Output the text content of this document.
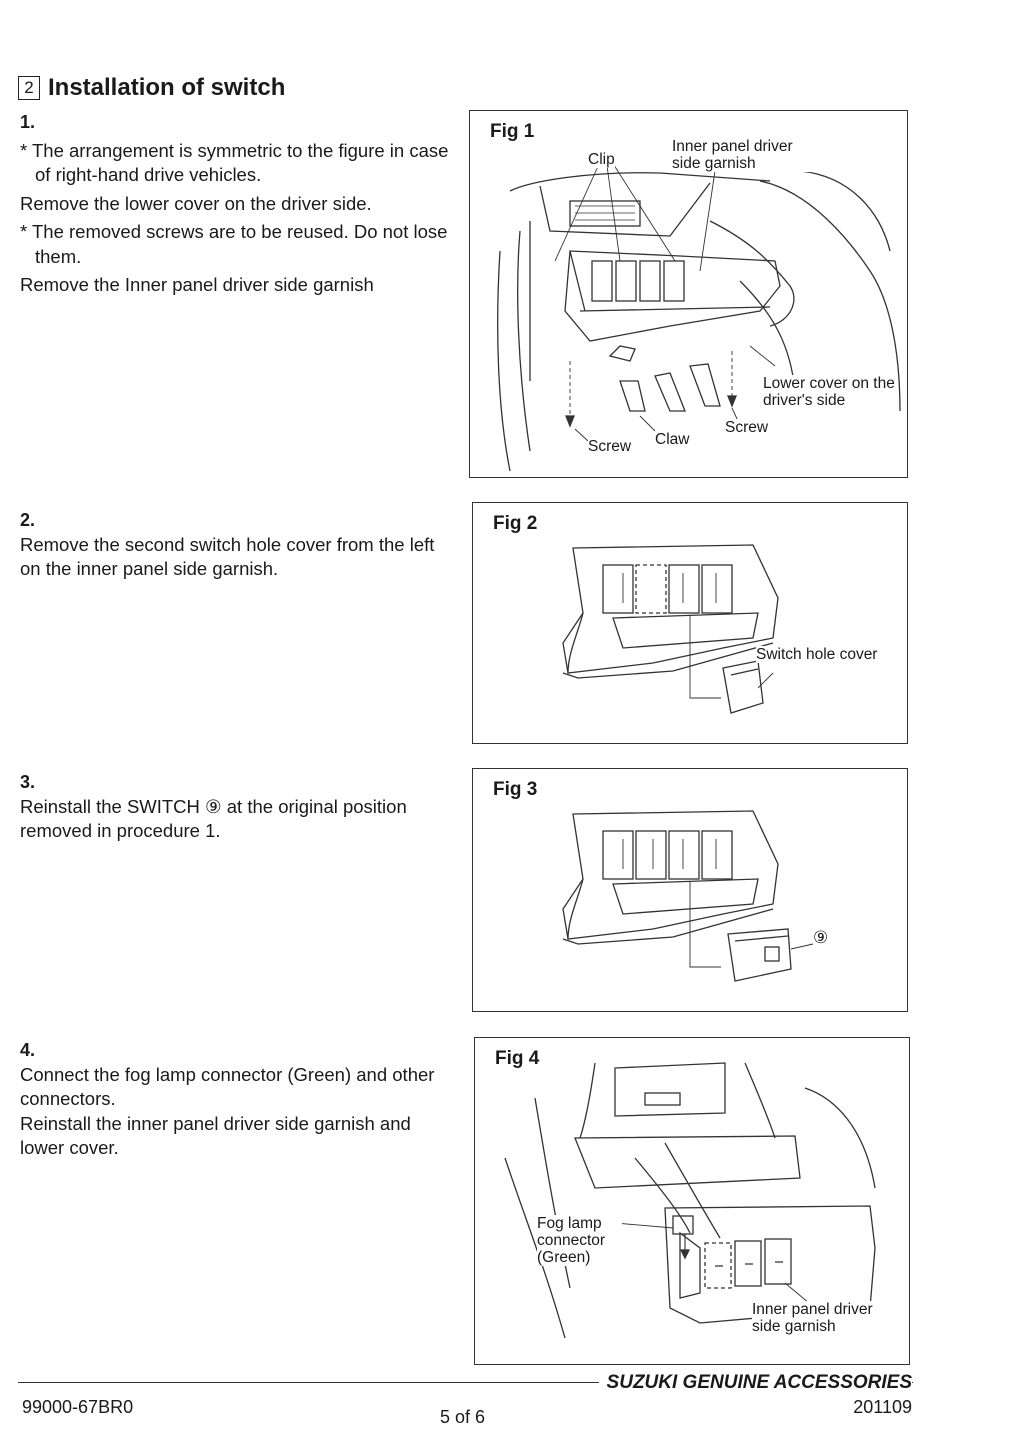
2 Installation of switch

1.

* The arrangement is symmetric to the figure in case of right-hand drive vehicles.

Remove the lower cover on the driver side.

* The removed screws are to be reused. Do not lose them.

Remove the Inner panel driver side garnish

2.

Remove the second switch hole cover from the left on the inner panel side garnish.

3.

Reinstall the SWITCH ⑨ at the original position removed in procedure 1.

4.

Connect the fog lamp connector (Green) and other connectors.

Reinstall the inner panel driver side garnish and lower cover.

Fig 1
Clip
Inner panel driver side garnish
Lower cover on the driver's side
Screw Claw
Screw
Fig 2
Switch hole cover
Fig 3
⑨
Fig 4
Fog lamp connector (Green)
Inner panel driver side garnish
SUZUKI GENUINE ACCESSORIES
99000-67BR0	5 of 6	201109
